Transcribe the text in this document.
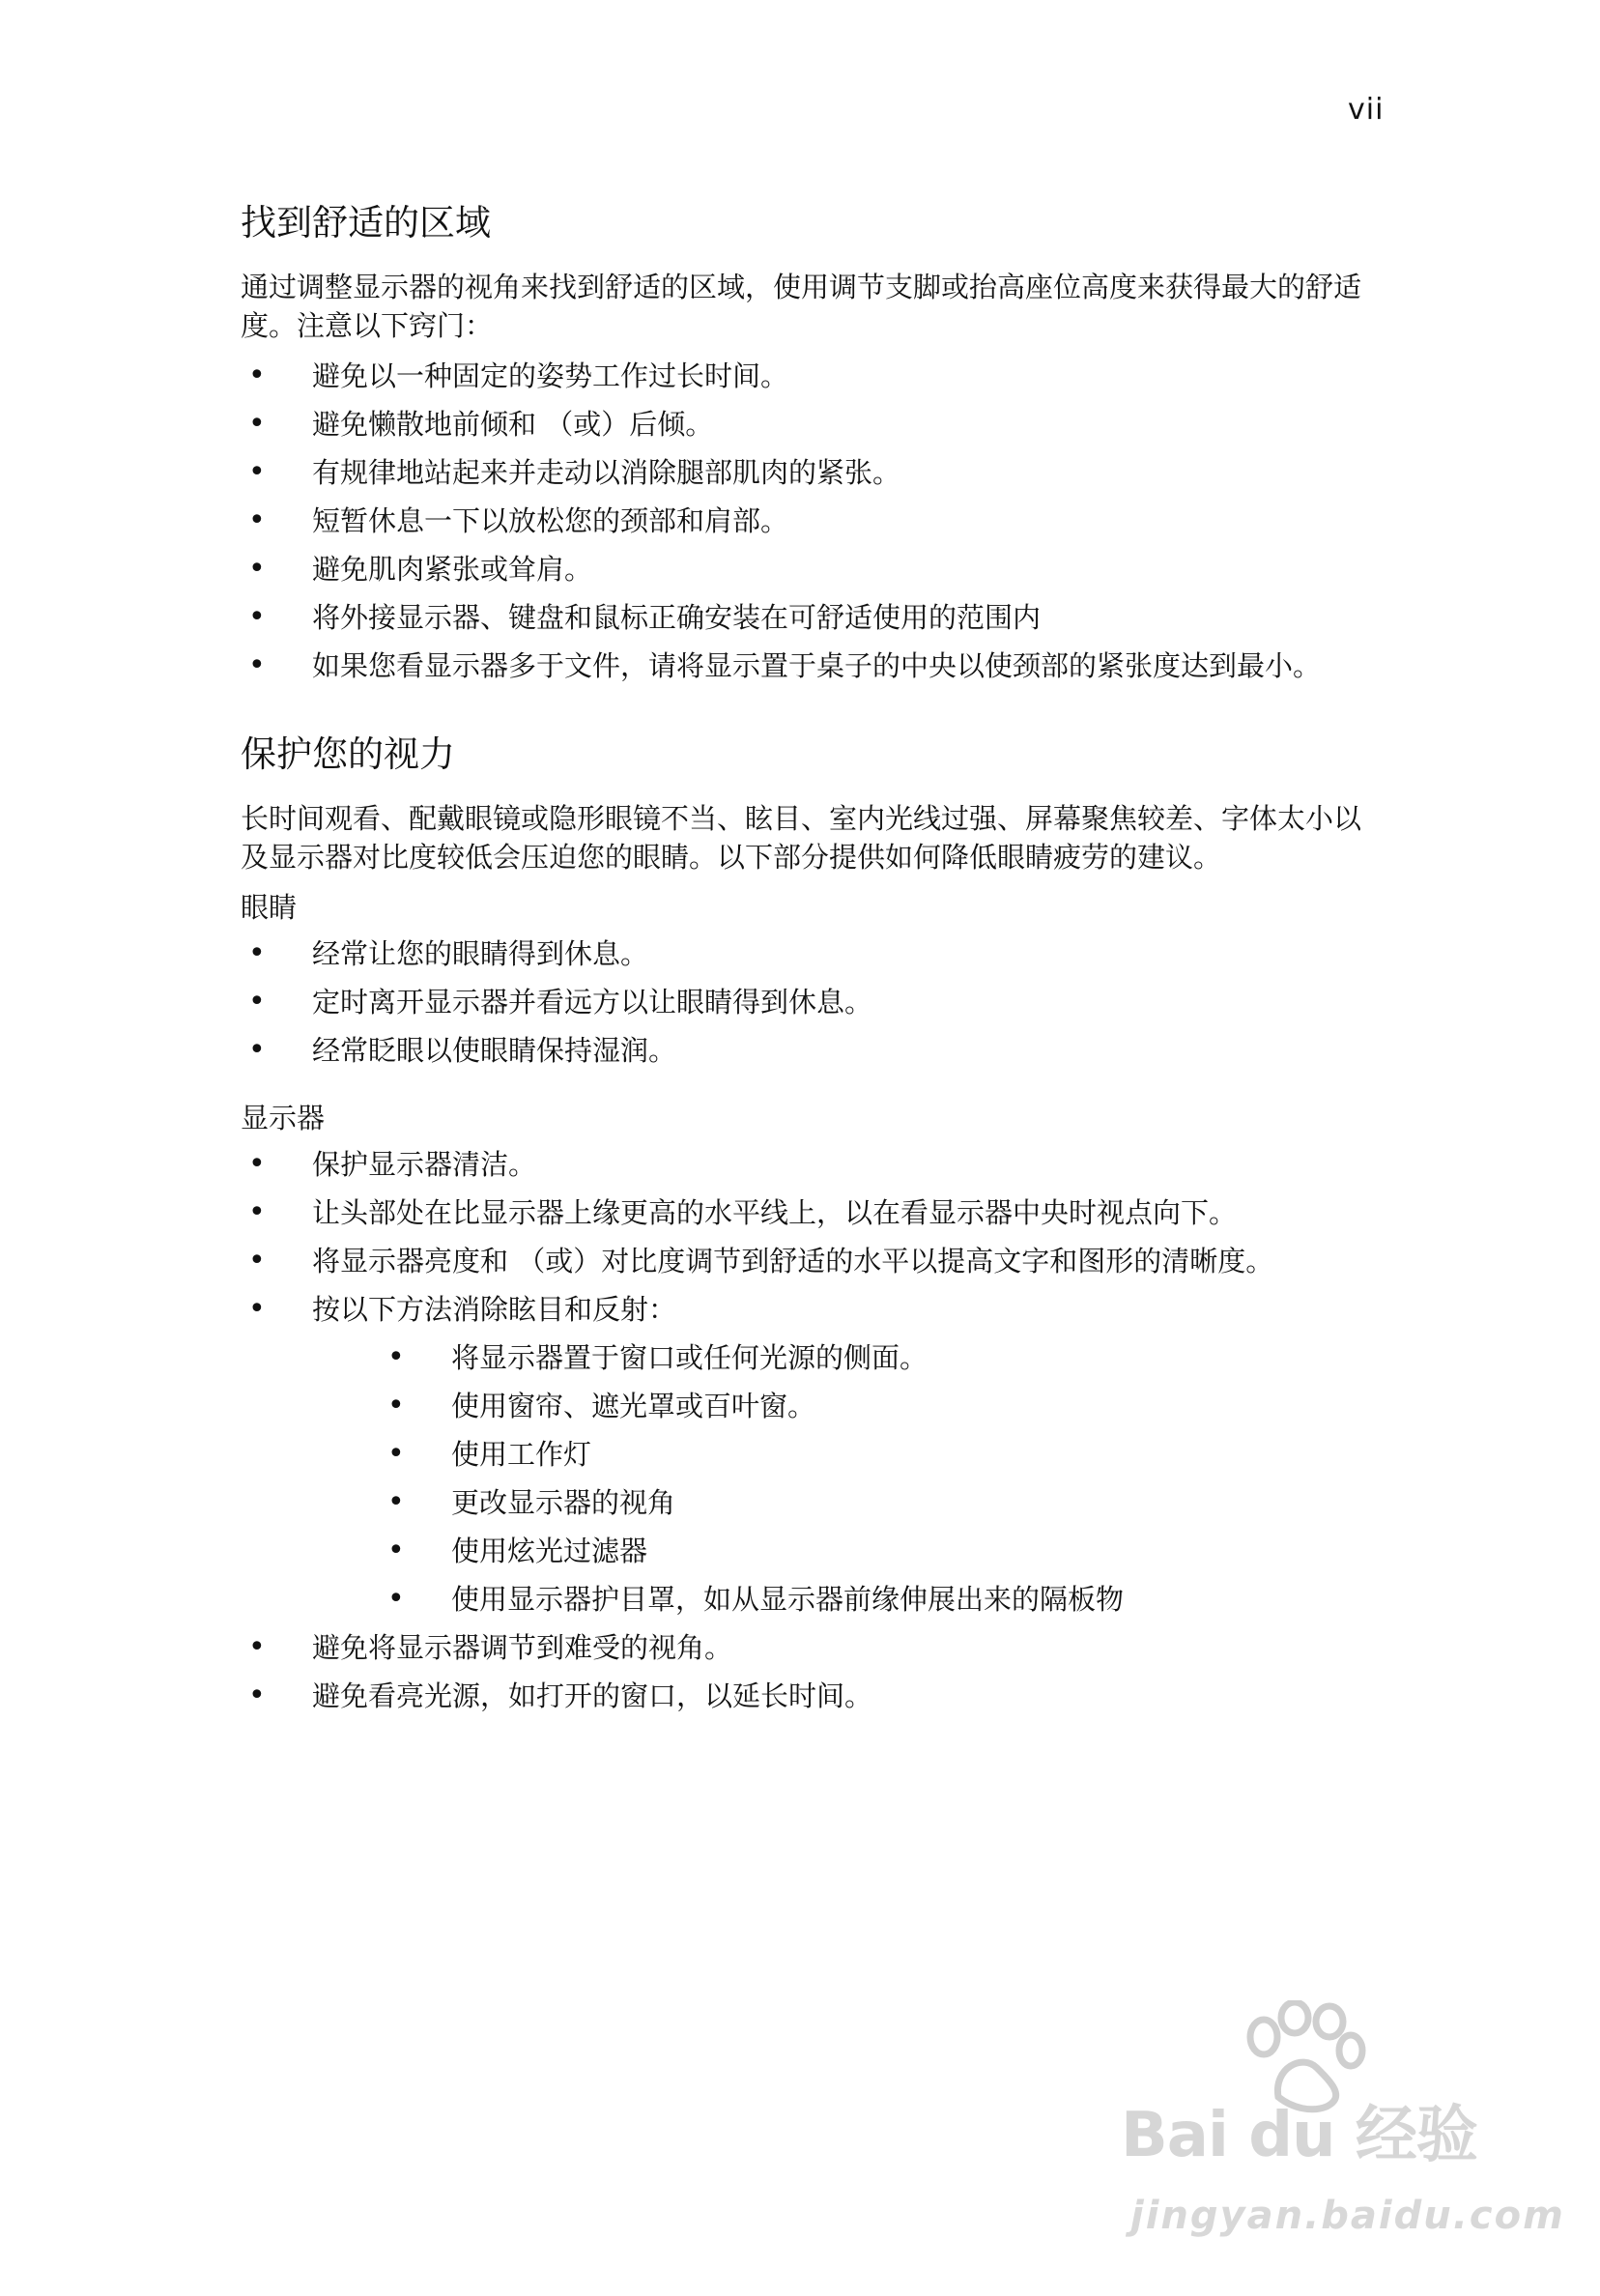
vii
找到舒适的区域

通过调整显示器的视角来找到舒适的区域，使用调节支脚或抬高座位高度来获得最大的舒适度。注意以下窍门：

• 避免以一种固定的姿势工作过长时间。
• 避免懒散地前倾和 （或）后倾。
• 有规律地站起来并走动以消除腿部肌肉的紧张。
• 短暂休息一下以放松您的颈部和肩部。
• 避免肌肉紧张或耸肩。
• 将外接显示器、键盘和鼠标正确安装在可舒适使用的范围内
• 如果您看显示器多于文件，请将显示置于桌子的中央以使颈部的紧张度达到最小。
保护您的视力

长时间观看、配戴眼镜或隐形眼镜不当、眩目、室内光线过强、屏幕聚焦较差、字体太小以及显示器对比度较低会压迫您的眼睛。以下部分提供如何降低眼睛疲劳的建议。

眼睛
• 经常让您的眼睛得到休息。
• 定时离开显示器并看远方以让眼睛得到休息。
• 经常眨眼以使眼睛保持湿润。
显示器
• 保护显示器清洁。
• 让头部处在比显示器上缘更高的水平线上，以在看显示器中央时视点向下。
• 将显示器亮度和 （或）对比度调节到舒适的水平以提高文字和图形的清晰度。
• 按以下方法消除眩目和反射：
• 将显示器置于窗口或任何光源的侧面。
• 使用窗帘、遮光罩或百叶窗。
• 使用工作灯
• 更改显示器的视角
• 使用炫光过滤器
• 使用显示器护目罩，如从显示器前缘伸展出来的隔板物
• 避免将显示器调节到难受的视角。
• 避免看亮光源，如打开的窗口，以延长时间。
Bai du 经验
jingyan.baidu.com
